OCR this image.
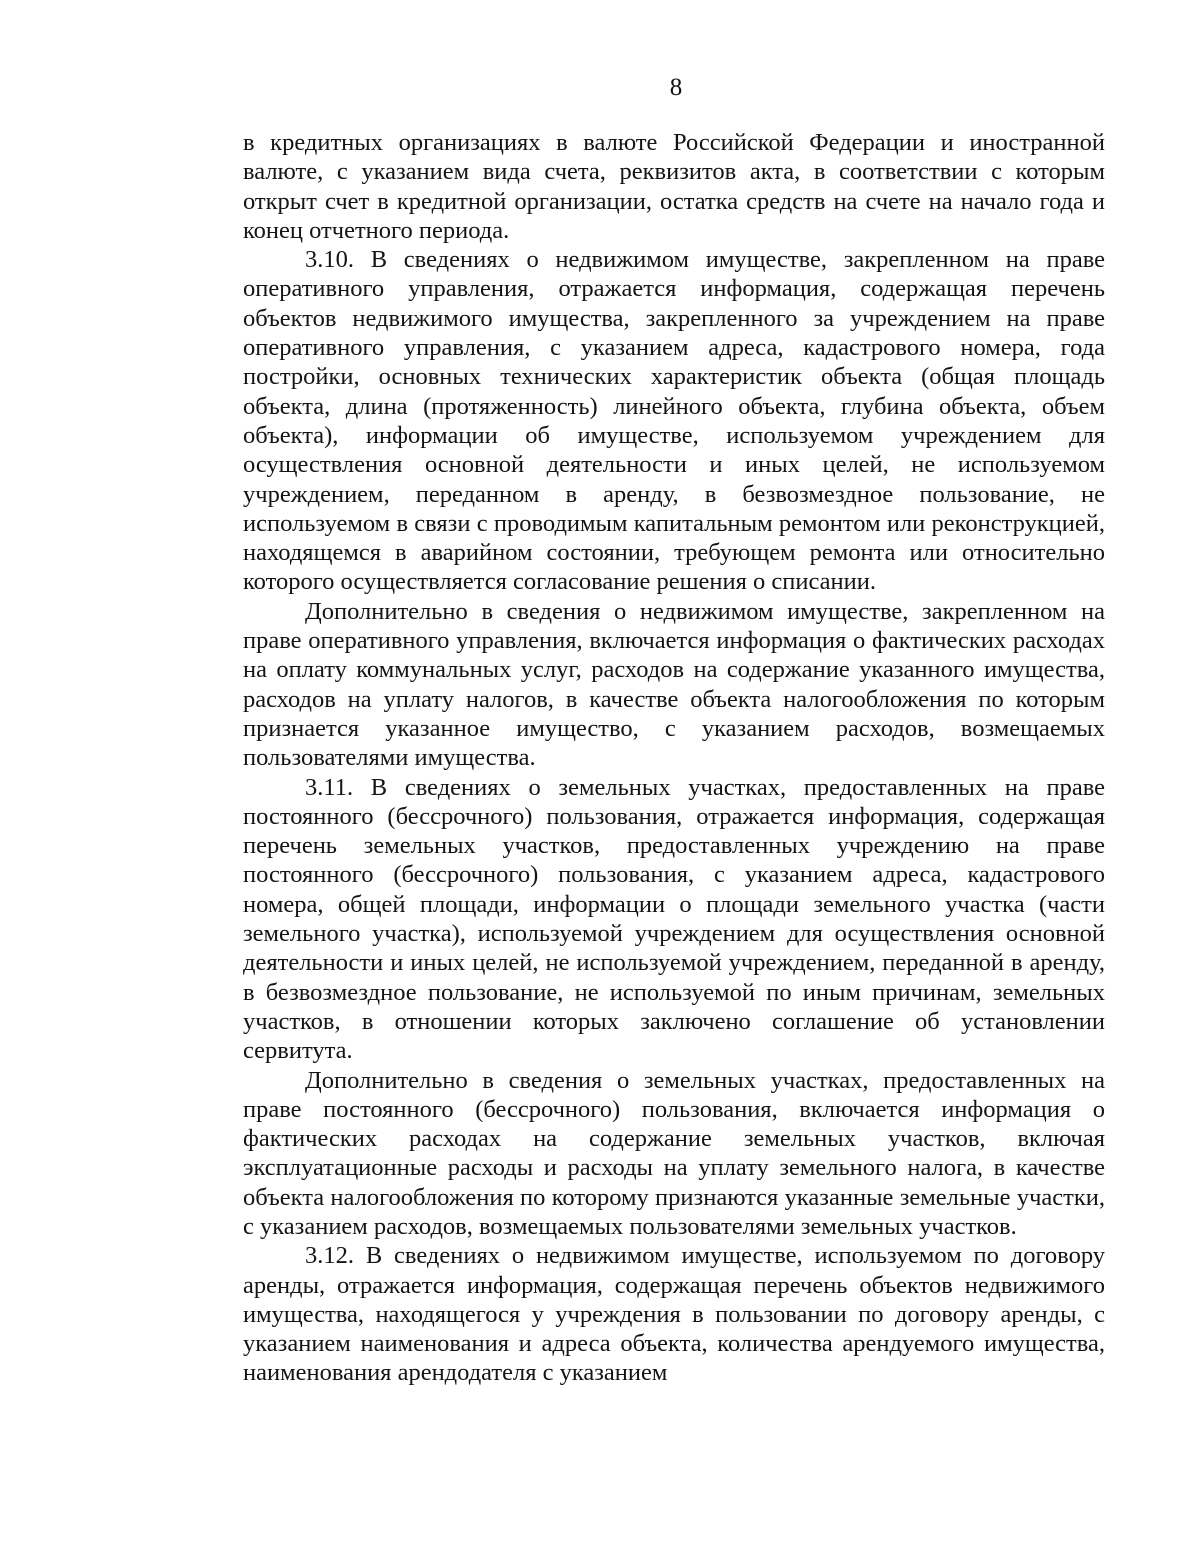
8

в кредитных организациях в валюте Российской Федерации и иностранной валюте, с указанием вида счета, реквизитов акта, в соответствии с которым открыт счет в кредитной организации, остатка средств на счете на начало года и конец отчетного периода.

3.10. В сведениях о недвижимом имуществе, закрепленном на праве оперативного управления, отражается информация, содержащая перечень объектов недвижимого имущества, закрепленного за учреждением на праве оперативного управления, с указанием адреса, кадастрового номера, года постройки, основных технических характеристик объекта (общая площадь объекта, длина (протяженность) линейного объекта, глубина объекта, объем объекта), информации об имуществе, используемом учреждением для осуществления основной деятельности и иных целей, не используемом учреждением, переданном в аренду, в безвозмездное пользование, не используемом в связи с проводимым капитальным ремонтом или реконструкцией, находящемся в аварийном состоянии, требующем ремонта или относительно которого осуществляется согласование решения о списании.

Дополнительно в сведения о недвижимом имуществе, закрепленном на праве оперативного управления, включается информация о фактических расходах на оплату коммунальных услуг, расходов на содержание указанного имущества, расходов на уплату налогов, в качестве объекта налогообложения по которым признается указанное имущество, с указанием расходов, возмещаемых пользователями имущества.

3.11. В сведениях о земельных участках, предоставленных на праве постоянного (бессрочного) пользования, отражается информация, содержащая перечень земельных участков, предоставленных учреждению на праве постоянного (бессрочного) пользования, с указанием адреса, кадастрового номера, общей площади, информации о площади земельного участка (части земельного участка), используемой учреждением для осуществления основной деятельности и иных целей, не используемой учреждением, переданной в аренду, в безвозмездное пользование, не используемой по иным причинам, земельных участков, в отношении которых заключено соглашение об установлении сервитута.

Дополнительно в сведения о земельных участках, предоставленных на праве постоянного (бессрочного) пользования, включается информация о фактических расходах на содержание земельных участков, включая эксплуатационные расходы и расходы на уплату земельного налога, в качестве объекта налогообложения по которому признаются указанные земельные участки, с указанием расходов, возмещаемых пользователями земельных участков.

3.12. В сведениях о недвижимом имуществе, используемом по договору аренды, отражается информация, содержащая перечень объектов недвижимого имущества, находящегося у учреждения в пользовании по договору аренды, с указанием наименования и адреса объекта, количества арендуемого имущества, наименования арендодателя с указанием
